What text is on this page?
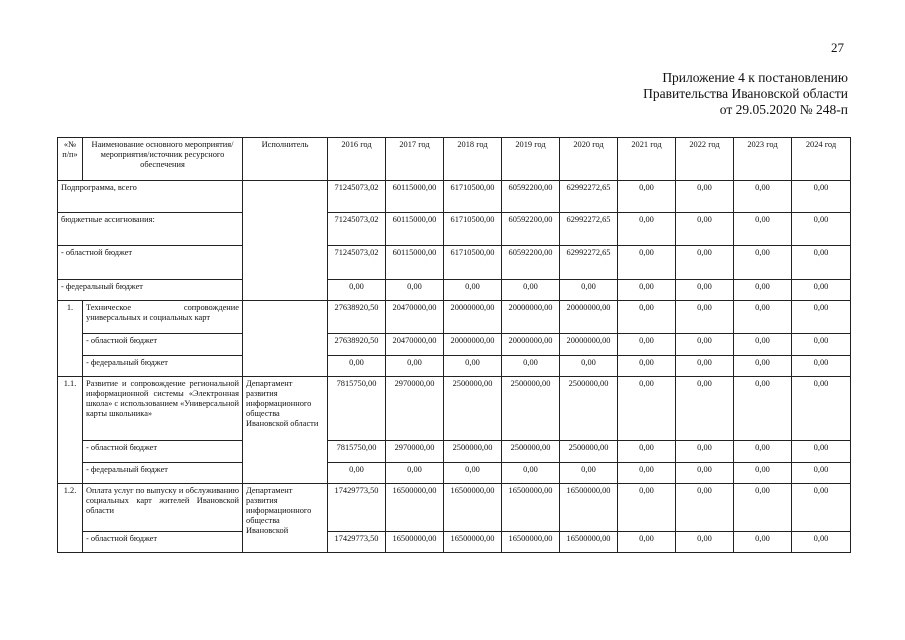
27
Приложение 4 к постановлению
Правительства Ивановской области
от 29.05.2020 № 248-п
«№ п/п»	Наименование основного мероприятия/мероприятия/источник ресурсного обеспечения	Исполнитель	2016 год	2017 год	2018 год	2019 год	2020 год	2021 год	2022 год	2023 год	2024 год
Подпрограмма, всего			71245073,02	60115000,00	61710500,00	60592200,00	62992272,65	0,00	0,00	0,00	0,00
бюджетные ассигнования:			71245073,02	60115000,00	61710500,00	60592200,00	62992272,65	0,00	0,00	0,00	0,00
- областной бюджет			71245073,02	60115000,00	61710500,00	60592200,00	62992272,65	0,00	0,00	0,00	0,00
- федеральный бюджет			0,00	0,00	0,00	0,00	0,00	0,00	0,00	0,00	0,00
1.	Техническое сопровождение универсальных и социальных карт		27638920,50	20470000,00	20000000,00	20000000,00	20000000,00	0,00	0,00	0,00	0,00
	- областной бюджет		27638920,50	20470000,00	20000000,00	20000000,00	20000000,00	0,00	0,00	0,00	0,00
	- федеральный бюджет		0,00	0,00	0,00	0,00	0,00	0,00	0,00	0,00	0,00
1.1.	Развитие и сопровождение региональной информационной системы «Электронная школа» с использованием «Универсальной карты школьника»	Департамент развития информационного общества Ивановской области	7815750,00	2970000,00	2500000,00	2500000,00	2500000,00	0,00	0,00	0,00	0,00
	- областной бюджет		7815750,00	2970000,00	2500000,00	2500000,00	2500000,00	0,00	0,00	0,00	0,00
	- федеральный бюджет		0,00	0,00	0,00	0,00	0,00	0,00	0,00	0,00	0,00
1.2.	Оплата услуг по выпуску и обслуживанию социальных карт жителей Ивановской области	Департамент развития информационного общества Ивановской	17429773,50	16500000,00	16500000,00	16500000,00	16500000,00	0,00	0,00	0,00	0,00
	- областной бюджет		17429773,50	16500000,00	16500000,00	16500000,00	16500000,00	0,00	0,00	0,00	0,00
